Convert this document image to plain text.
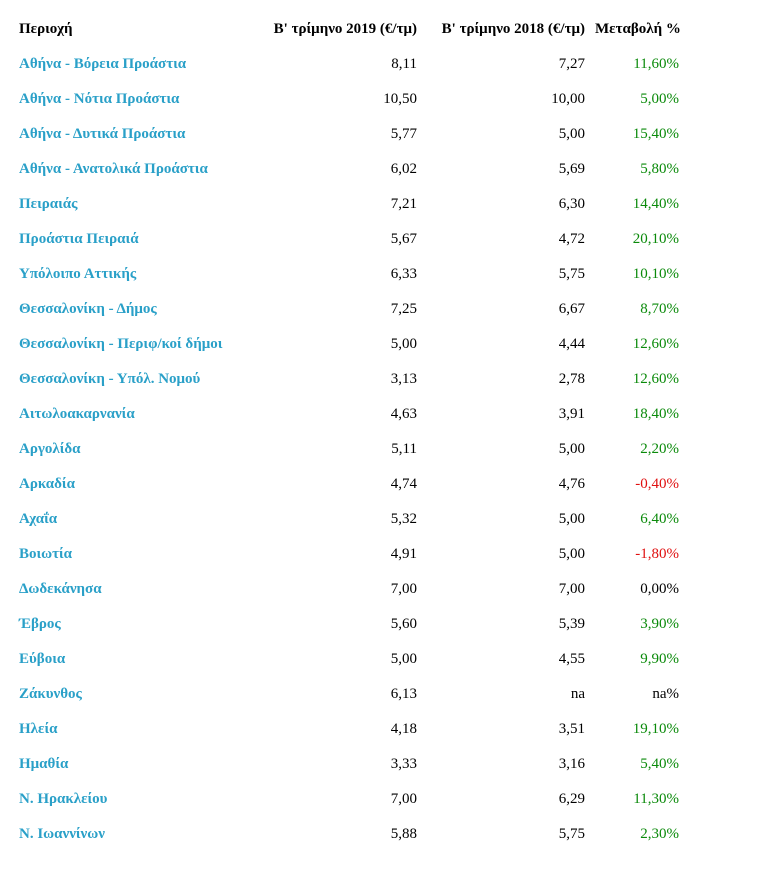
Περιοχή	Β' τρίμηνο 2019 (€/τμ)	Β' τρίμηνο 2018 (€/τμ)	Μεταβολή %
Αθήνα - Βόρεια Προάστια	8,11	7,27	11,60%
Αθήνα - Νότια Προάστια	10,50	10,00	5,00%
Αθήνα - Δυτικά Προάστια	5,77	5,00	15,40%
Αθήνα - Ανατολικά Προάστια	6,02	5,69	5,80%
Πειραιάς	7,21	6,30	14,40%
Προάστια Πειραιά	5,67	4,72	20,10%
Υπόλοιπο Αττικής	6,33	5,75	10,10%
Θεσσαλονίκη - Δήμος	7,25	6,67	8,70%
Θεσσαλονίκη - Περιφ/κοί δήμοι	5,00	4,44	12,60%
Θεσσαλονίκη - Υπόλ. Νομού	3,13	2,78	12,60%
Αιτωλοακαρνανία	4,63	3,91	18,40%
Αργολίδα	5,11	5,00	2,20%
Αρκαδία	4,74	4,76	-0,40%
Αχαΐα	5,32	5,00	6,40%
Βοιωτία	4,91	5,00	-1,80%
Δωδεκάνησα	7,00	7,00	0,00%
Έβρος	5,60	5,39	3,90%
Εύβοια	5,00	4,55	9,90%
Ζάκυνθος	6,13	na	na%
Ηλεία	4,18	3,51	19,10%
Ημαθία	3,33	3,16	5,40%
Ν. Ηρακλείου	7,00	6,29	11,30%
Ν. Ιωαννίνων	5,88	5,75	2,30%
